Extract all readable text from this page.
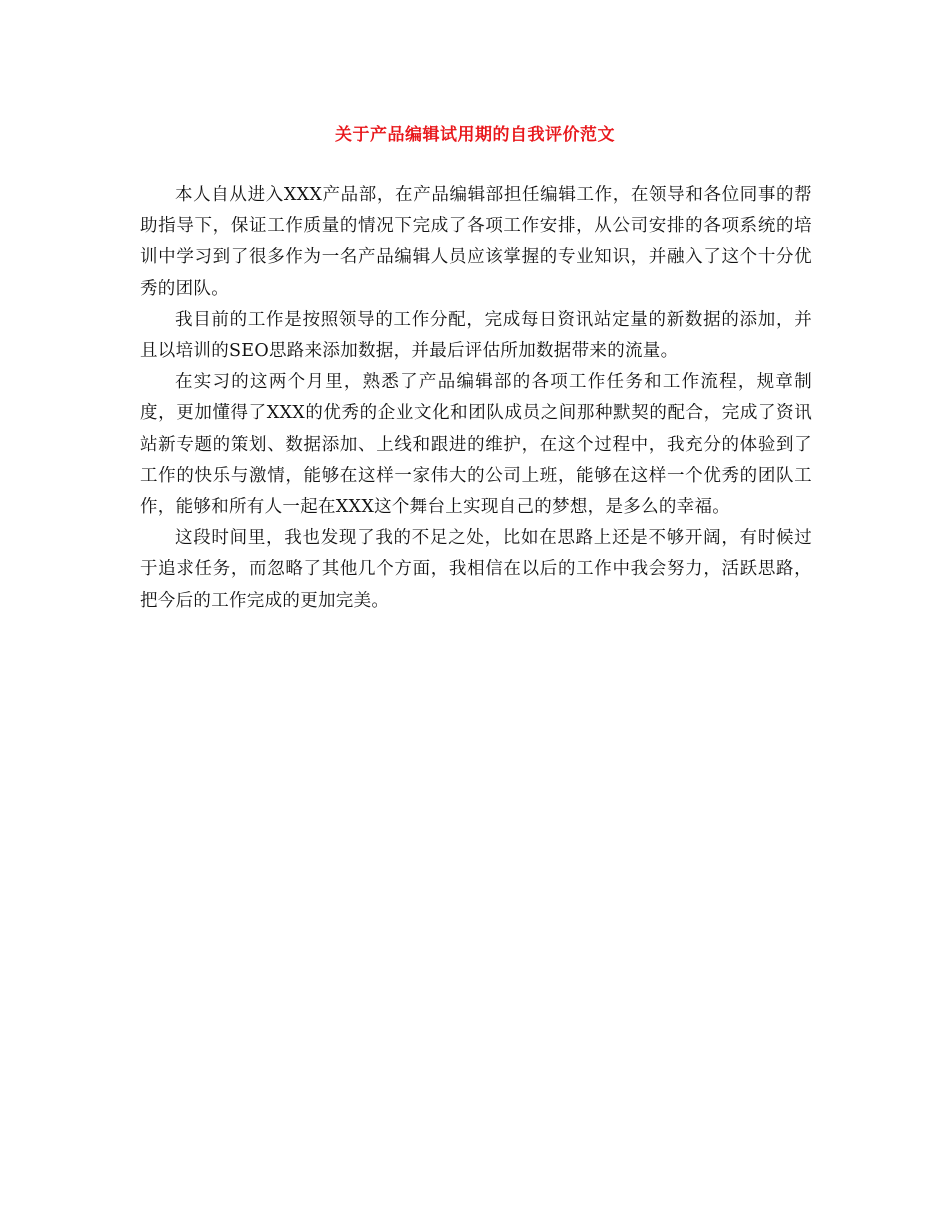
关于产品编辑试用期的自我评价范文

本人自从进入XXX产品部，在产品编辑部担任编辑工作，在领导和各位同事的帮助指导下，保证工作质量的情况下完成了各项工作安排，从公司安排的各项系统的培训中学习到了很多作为一名产品编辑人员应该掌握的专业知识，并融入了这个十分优秀的团队。

我目前的工作是按照领导的工作分配，完成每日资讯站定量的新数据的添加，并且以培训的SEO思路来添加数据，并最后评估所加数据带来的流量。

在实习的这两个月里，熟悉了产品编辑部的各项工作任务和工作流程，规章制度，更加懂得了XXX的优秀的企业文化和团队成员之间那种默契的配合，完成了资讯站新专题的策划、数据添加、上线和跟进的维护，在这个过程中，我充分的体验到了工作的快乐与激情，能够在这样一家伟大的公司上班，能够在这样一个优秀的团队工作，能够和所有人一起在XXX这个舞台上实现自己的梦想，是多么的幸福。

这段时间里，我也发现了我的不足之处，比如在思路上还是不够开阔，有时候过于追求任务，而忽略了其他几个方面，我相信在以后的工作中我会努力，活跃思路，把今后的工作完成的更加完美。
